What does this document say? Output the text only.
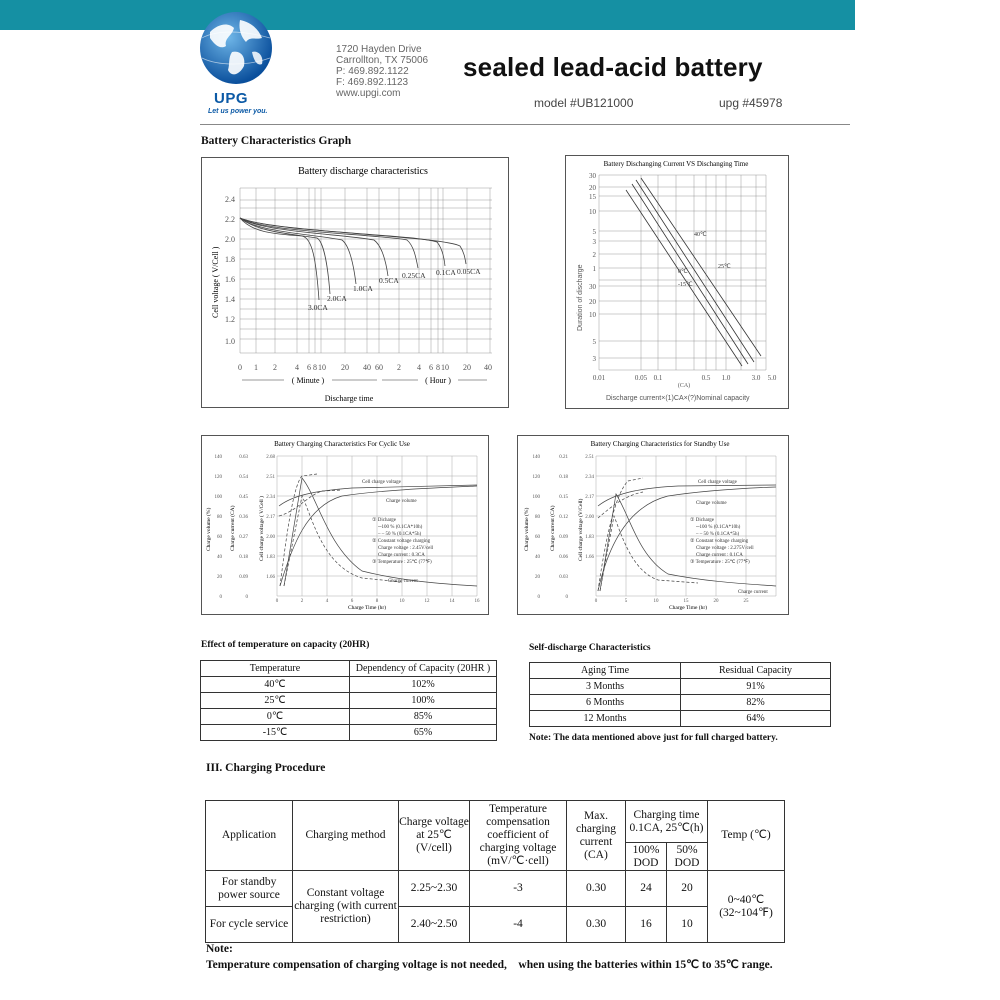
UPG
Let us power you.
1720 Hayden Drive
Carrollton, TX 75006
P: 469.892.1122
F: 469.892.1123
www.upgi.com
sealed lead-acid battery
model #UB121000	upg #45978
Battery Characteristics Graph
Battery discharge characteristics
2.4
2.2
2.0
1.8
1.6
1.4
1.2
1.0
Cell voltage ( V/Cell )
0 1 2 4 6 8 10 20 40 60 2 4 6 8 10 20 40
( Minute )	( Hour )
Discharge time
3.0CA
2.0CA
1.0CA
0.5CA
0.25CA 0.1CA 0.05CA
Battery Dischanging Current VS Dischanging Time
30
20
15
10
5
3
2
1
30
20
10
5
3
Duration of discharge
0.01	0.05 0.1	0.5 1.0	3.0 5.0
(CA)
Discharge current×(1)CA×(?)Nominal capacity
40℃
25℃
0℃
-15℃
Battery Charging Characteristics For Cyclic Use
140
120
100
80
60
40
20
0
0.63
0.54
0.45
0.36
0.27
0.18
0.09
0
2.68
2.51
2.34
2.17
2.00
1.83
1.66
Charge volume (%)	Charge current (CA)	Cell charge voltage ( V/Cell )
0	2	4	6	8	10	12	14	16
Charge Time (hr)
Cell charge voltage
Charge volume
Charge current
① Dicharge
─100 % (0.1CA*10h)
– – 50 % (0.1CA*5h)
② Constant voltage charging
Charge voltage : 2.45V/cell
Charge current : 0.3CA
③ Temperature : 25℃ (77℉)
Battery Charging Characteristics for Standby Use
140
120
100
80
60
40
20
0
0.21
0.18
0.15
0.12
0.09
0.06
0.03
0
2.51
2.34
2.17
2.00
1.83
1.66
Charge volume (%)	Charge current (CA)	Cell charge voltage (V/Cell)
0	5	10	15	20	25
Charge Time (hr)
Cell charge voltage
Charge volume
Charge current
① Dicharge
─100 % (0.1CA*10h)
– – 50 % (0.1CA*5h)
② Constant voltage charging
Charge voltage : 2.275V/cell
Charge current : 0.1CA
③ Temperature : 25℃ (77℉)
Effect of temperature on capacity (20HR)
Temperature	Dependency of Capacity (20HR )
40℃	102%
25℃	100%
0℃	85%
-15℃	65%
Self-discharge Characteristics
Aging Time	Residual Capacity
3 Months	91%
6 Months	82%
12 Months	64%
Note: The data mentioned above just for full charged battery.
III. Charging Procedure
Application	Charging method	Charge voltage at 25℃ (V/cell)	Temperature compensation coefficient of charging voltage (mV/℃·cell)	Max. charging current (CA)	Charging time 0.1CA, 25℃(h)		Temp (℃)
					100% DOD	50% DOD	
For standby power source	Constant voltage charging (with current restriction)	2.25~2.30	-3	0.30	24	20	0~40℃ (32~104℉)
For cycle service		2.40~2.50	-4	0.30	16	10	
Note:
Temperature compensation of charging voltage is not needed,    when using the batteries within 15℃ to 35℃ range.
